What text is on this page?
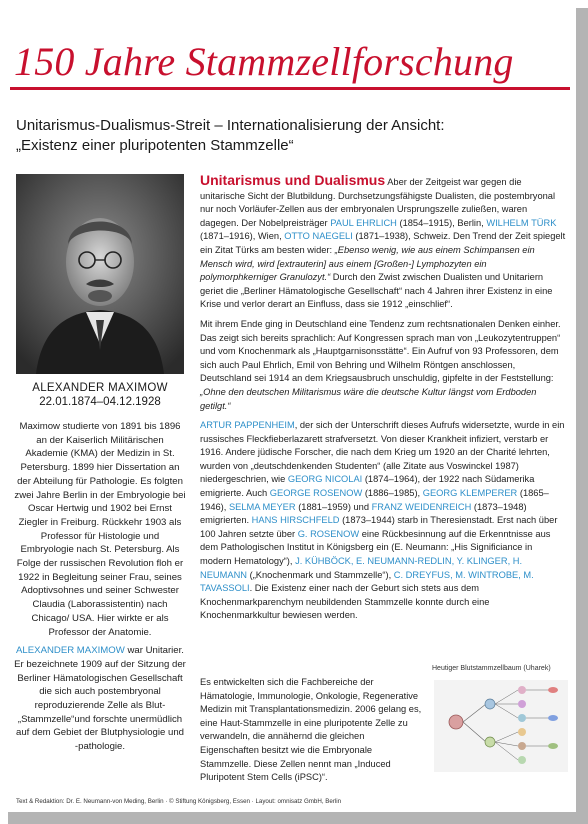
150 Jahre Stammzellforschung
Unitarismus-Dualismus-Streit – Internationalisierung der Ansicht:
„Existenz einer pluripotenten Stammzelle“
ALEXANDER MAXIMOW
22.01.1874–04.12.1928

Maximow studierte von 1891 bis 1896 an der Kaiserlich Militärischen Akademie (KMA) der Medizin in St. Petersburg. 1899 hier Dissertation an der Abteilung für Pathologie. Es folgten zwei Jahre Berlin in der Embryologie bei Oscar Hertwig und 1902 bei Ernst Ziegler in Freiburg. Rückkehr 1903 als Professor für Histologie und Embryologie nach St. Petersburg. Als Folge der russischen Revolution floh er 1922 in Begleitung seiner Frau, seines Adoptivsohnes und seiner Schwester Claudia (Laborassistentin) nach Chicago/ USA. Hier wirkte er als Professor der Anatomie.

ALEXANDER MAXIMOW war Unitarier. Er bezeichnete 1909 auf der Sitzung der Berliner Hämatologischen Gesellschaft die sich auch postembryonal reproduzierende Zelle als Blut-„Stammzelle“und forschte unermüdlich auf dem Gebiet der Blutphysiologie und -pathologie.

Unitarismus und Dualismus Aber der Zeitgeist war gegen die unitarische Sicht der Blutbildung. Durchsetzungsfähigste Dualisten, die postembryonal nur noch Vorläufer-Zellen aus der embryonalen Ursprungszelle zuließen, waren dagegen. Der Nobelpreisträger PAUL EHRLICH (1854–1915), Berlin, WILHELM TÜRK (1871–1916), Wien, OTTO NAEGELI (1871–1938), Schweiz. Den Trend der Zeit spiegelt ein Zitat Türks am besten wider: „Ebenso wenig, wie aus einem Schimpansen ein Mensch wird, wird [extrauterin] aus einem [Großen-] Lymphozyten ein polymorphkerniger Granulozyt.“ Durch den Zwist zwischen Dualisten und Unitariern geriet die „Berliner Hämatologische Gesellschaft“ nach 4 Jahren ihrer Existenz in eine Krise und verlor derart an Einfluss, dass sie 1912 „einschlief“.

Mit ihrem Ende ging in Deutschland eine Tendenz zum rechtsnationalen Denken einher. Das zeigt sich bereits sprachlich: Auf Kongressen sprach man von „Leukozytentruppen“ und vom Knochenmark als „Hauptgarnisonsstätte“. Ein Aufruf von 93 Professoren, dem sich auch Paul Ehrlich, Emil von Behring und Wilhelm Röntgen anschlossen, Deutschland sei 1914 an dem Kriegsausbruch unschuldig, gipfelte in der Feststellung: „Ohne den deutschen Militarismus wäre die deutsche Kultur längst vom Erdboden getilgt.“

ARTUR PAPPENHEIM, der sich der Unterschrift dieses Aufrufs widersetzte, wurde in ein russisches Fleckfieberlazarett strafversetzt. Von dieser Krankheit infiziert, verstarb er 1916. Andere jüdische Forscher, die nach dem Krieg um 1920 an der Charité lehrten, wurden von „deutschdenkenden Studenten“ (alle Zitate aus Voswinckel 1987) niedergeschrien, wie GEORG NICOLAI (1874–1964), der 1922 nach Südamerika emigrierte. Auch GEORGE ROSENOW (1886–1985), GEORG KLEMPERER (1865–1946), SELMA MEYER (1881–1959) und FRANZ WEIDENREICH (1873–1948) emigrierten. HANS HIRSCHFELD (1873–1944) starb in Theresienstadt. Erst nach über 100 Jahren setzte über G. ROSENOW eine Rückbesinnung auf die Erkenntnisse aus dem Pathologischen Institut in Königsberg ein (E. Neumann: „His Significiance in modern Hematology“), J. KÜHBÖCK, E. NEUMANN-REDLIN, Y. KLINGER, H. NEUMANN („Knochenmark und Stammzelle“), C. DREYFUS, M. WINTROBE, M. TAVASSOLI. Die Existenz einer nach der Geburt sich stets aus dem Knochenmarkparenchym neubildenden Stammzelle konnte durch eine Knochenmarkkultur bewiesen werden.

Es entwickelten sich die Fachbereiche der Hämatologie, Immunologie, Onkologie, Regenerative Medizin mit Transplantationsmedizin. 2006 gelang es, eine Haut-Stammzelle in eine pluripotente Zelle zu verwandeln, die annähernd die gleichen Eigenschaften besitzt wie die Embryonale Stammzelle. Diese Zellen nennt man „Induced Pluripotent Stem Cells (iPSC)“.
Heutiger Blutstammzellbaum (Uharek)
Text & Redaktion: Dr. E. Neumann-von Meding, Berlin · © Stiftung Königsberg, Essen · Layout: omnisatz GmbH, Berlin
